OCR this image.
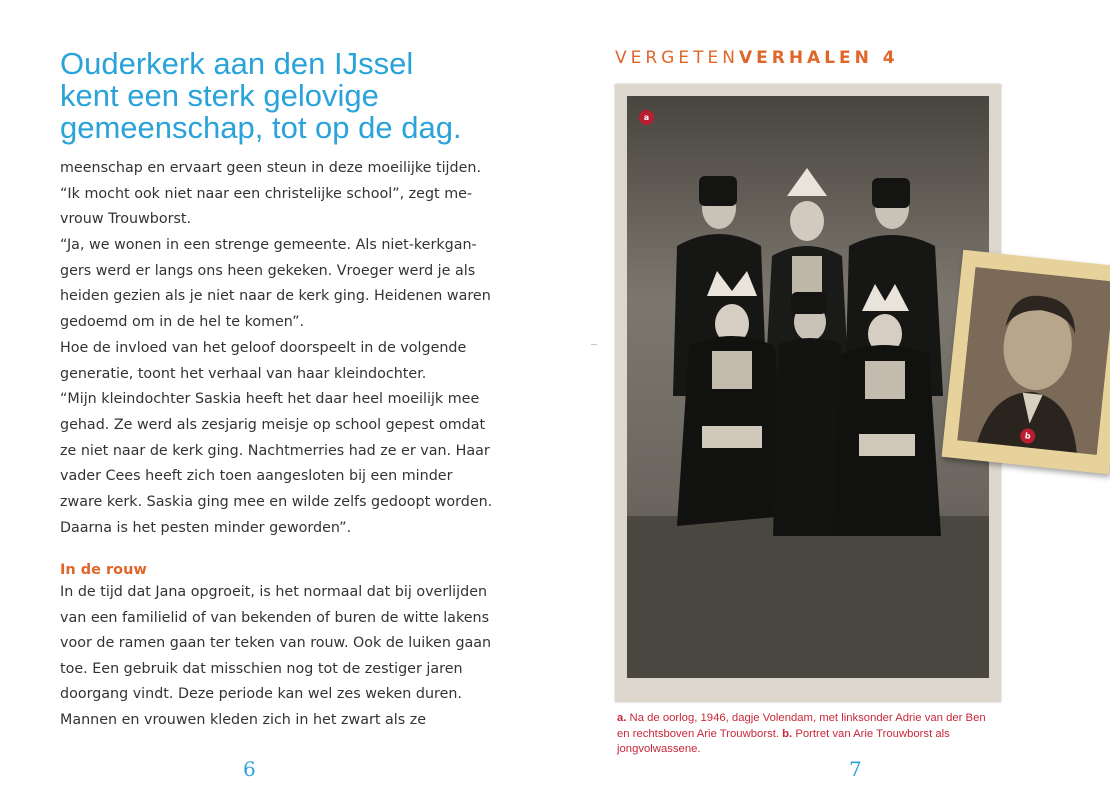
Ouderkerk aan den IJssel
kent een sterk gelovige
gemeenschap, tot op de dag.
meenschap en ervaart geen steun in deze moeilijke tijden.
“Ik mocht ook niet naar een christelijke school”, zegt me-
vrouw Trouwborst.
“Ja, we wonen in een strenge gemeente. Als niet-kerkgan-
gers werd er langs ons heen gekeken. Vroeger werd je als
heiden gezien als je niet naar de kerk ging. Heidenen waren
gedoemd om in de hel te komen”.
Hoe de invloed van het geloof doorspeelt in de volgende
generatie, toont het verhaal van haar kleindochter.
“Mijn kleindochter Saskia heeft het daar heel moeilijk mee
gehad. Ze werd als zesjarig meisje op school gepest omdat
ze niet naar de kerk ging. Nachtmerries had ze er van. Haar
vader Cees heeft zich toen aangesloten bij een minder
zware kerk. Saskia ging mee en wilde zelfs gedoopt worden.
Daarna is het pesten minder geworden”.
In de rouw
In de tijd dat Jana opgroeit, is het normaal dat bij overlijden
van een familielid of van bekenden of buren de witte lakens
voor de ramen gaan ter teken van rouw. Ook de luiken gaan
toe. Een gebruik dat misschien nog tot de zestiger jaren
doorgang vindt. Deze periode kan wel zes weken duren.
Mannen en vrouwen kleden zich in het zwart als ze
6
VERGETENVERHALEN 4
a
b
a. Na de oorlog, 1946, dagje Volendam, met linksonder Adrie van der Ben en rechtsboven Arie Trouwborst. b. Portret van Arie Trouwborst als jongvolwassene.
7
